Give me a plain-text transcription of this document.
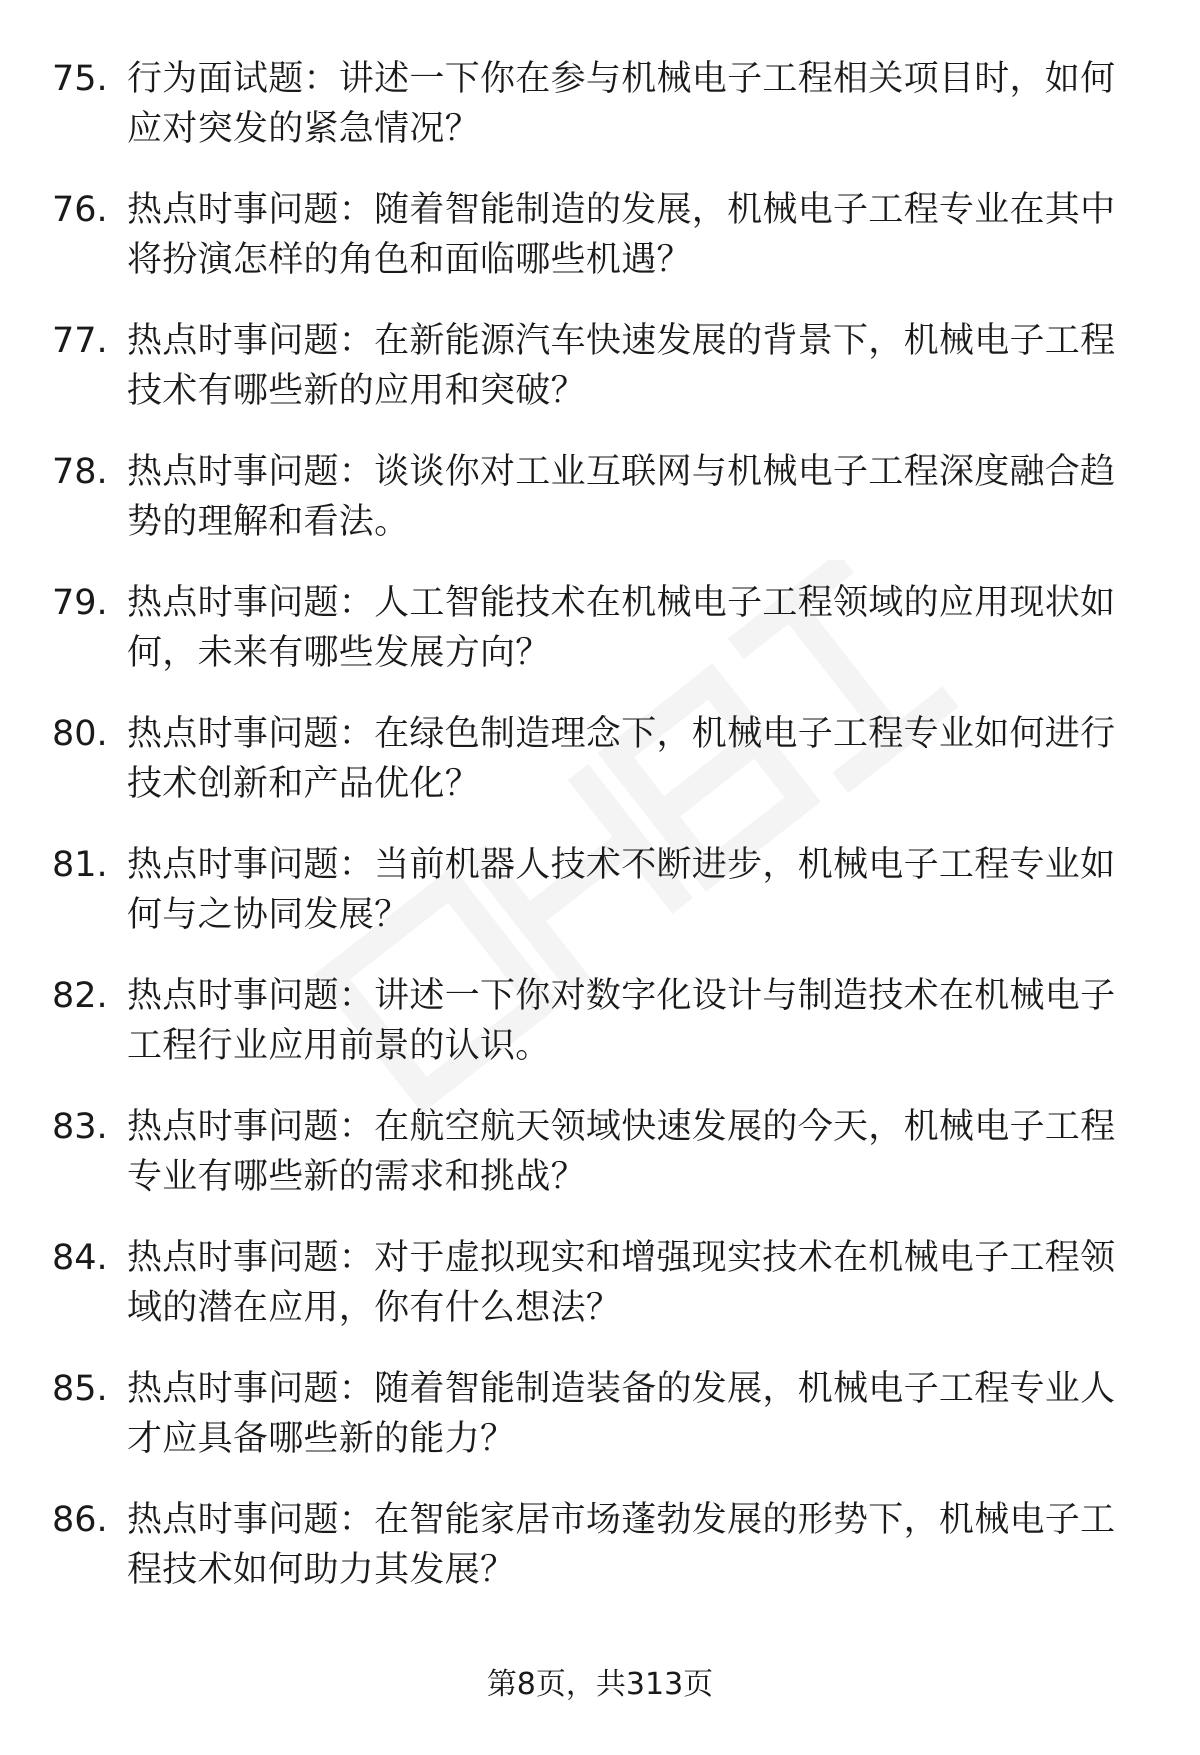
75. 行为面试题：讲述一下你在参与机械电子工程相关项目时，如何应对突发的紧急情况？
76. 热点时事问题：随着智能制造的发展，机械电子工程专业在其中将扮演怎样的角色和面临哪些机遇？
77. 热点时事问题：在新能源汽车快速发展的背景下，机械电子工程技术有哪些新的应用和突破？
78. 热点时事问题：谈谈你对工业互联网与机械电子工程深度融合趋势的理解和看法。
79. 热点时事问题：人工智能技术在机械电子工程领域的应用现状如何，未来有哪些发展方向？
80. 热点时事问题：在绿色制造理念下，机械电子工程专业如何进行技术创新和产品优化？
81. 热点时事问题：当前机器人技术不断进步，机械电子工程专业如何与之协同发展？
82. 热点时事问题：讲述一下你对数字化设计与制造技术在机械电子工程行业应用前景的认识。
83. 热点时事问题：在航空航天领域快速发展的今天，机械电子工程专业有哪些新的需求和挑战？
84. 热点时事问题：对于虚拟现实和增强现实技术在机械电子工程领域的潜在应用，你有什么想法？
85. 热点时事问题：随着智能制造装备的发展，机械电子工程专业人才应具备哪些新的能力？
86. 热点时事问题：在智能家居市场蓬勃发展的形势下，机械电子工程技术如何助力其发展？
第8页，共313页
